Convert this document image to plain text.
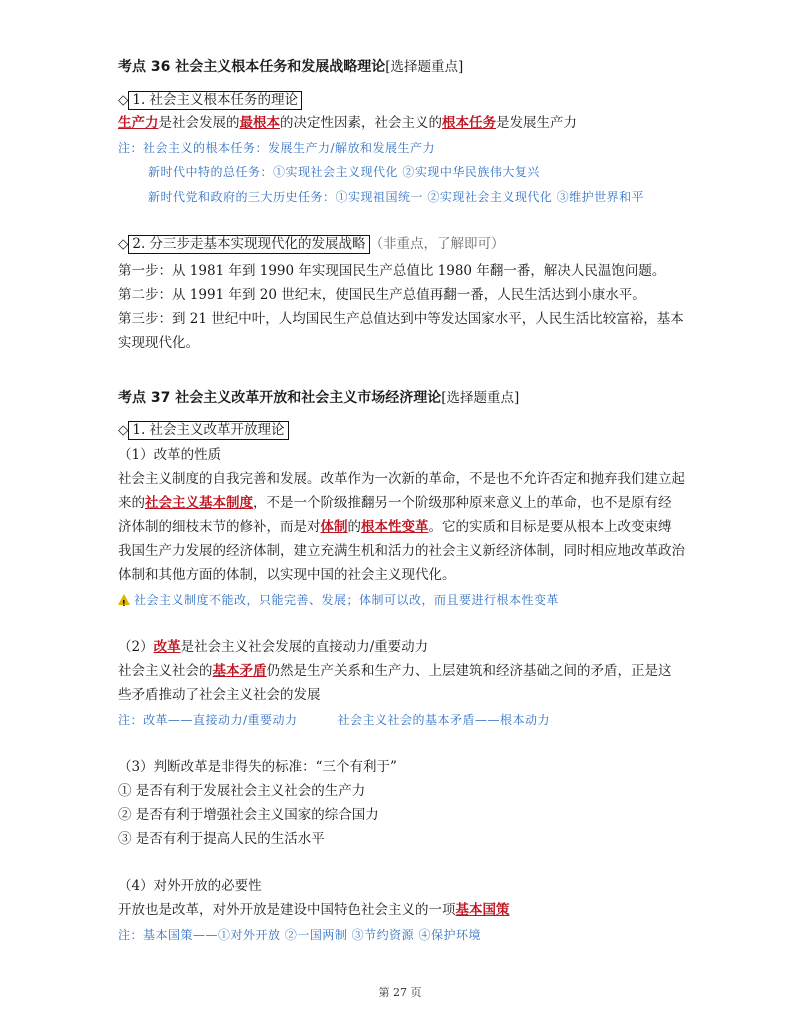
考点 36 社会主义根本任务和发展战略理论[选择题重点]
◇ 1. 社会主义根本任务的理论
生产力是社会发展的最根本的决定性因素，社会主义的根本任务是发展生产力
注：社会主义的根本任务：发展生产力/解放和发展生产力
新时代中特的总任务：①实现社会主义现代化 ②实现中华民族伟大复兴
新时代党和政府的三大历史任务：①实现祖国统一 ②实现社会主义现代化 ③维护世界和平
◇ 2. 分三步走基本实现现代化的发展战略 （非重点，了解即可）
第一步：从 1981 年到 1990 年实现国民生产总值比 1980 年翻一番，解决人民温饱问题。
第二步：从 1991 年到 20 世纪末，使国民生产总值再翻一番，人民生活达到小康水平。
第三步：到 21 世纪中叶，人均国民生产总值达到中等发达国家水平，人民生活比较富裕，基本
实现现代化。
考点 37 社会主义改革开放和社会主义市场经济理论[选择题重点]
◇ 1. 社会主义改革开放理论
（1）改革的性质
社会主义制度的自我完善和发展。改革作为一次新的革命，不是也不允许否定和抛弃我们建立起
来的社会主义基本制度，不是一个阶级推翻另一个阶级那种原来意义上的革命，也不是原有经
济体制的细枝末节的修补，而是对体制的根本性变革。它的实质和目标是要从根本上改变束缚
我国生产力发展的经济体制，建立充满生机和活力的社会主义新经济体制，同时相应地改革政治
体制和其他方面的体制，以实现中国的社会主义现代化。
!社会主义制度不能改，只能完善、发展；体制可以改，而且要进行根本性变革
（2）改革是社会主义社会发展的直接动力/重要动力
社会主义社会的基本矛盾仍然是生产关系和生产力、上层建筑和经济基础之间的矛盾，正是这
些矛盾推动了社会主义社会的发展
注：改革——直接动力/重要动力	社会主义社会的基本矛盾——根本动力
（3）判断改革是非得失的标准：“三个有利于”
① 是否有利于发展社会主义社会的生产力
② 是否有利于增强社会主义国家的综合国力
③ 是否有利于提高人民的生活水平
（4）对外开放的必要性
开放也是改革，对外开放是建设中国特色社会主义的一项基本国策
注：基本国策——①对外开放 ②一国两制 ③节约资源 ④保护环境
第 27 页
